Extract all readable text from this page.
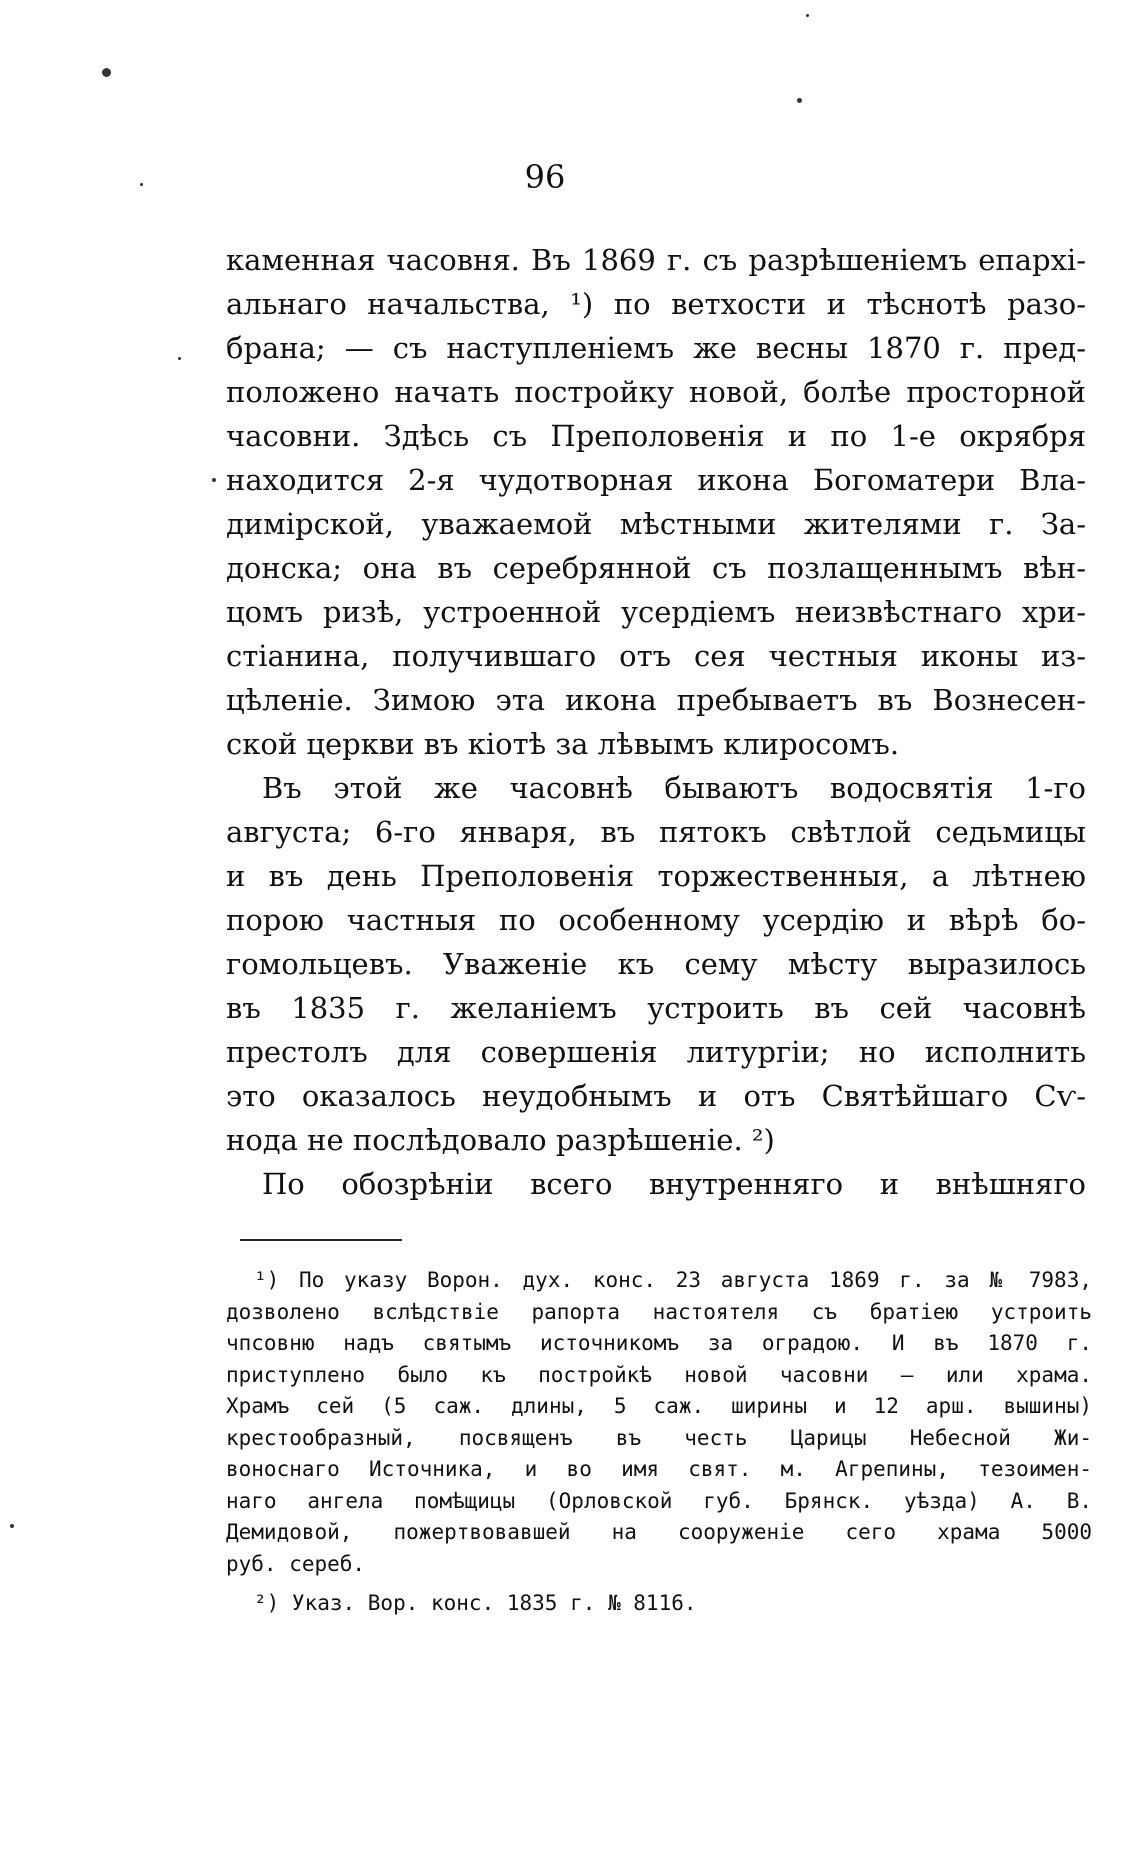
96
каменная часовня. Въ 1869 г. съ разрѣшеніемъ епархі-
альнаго начальства, ¹) по ветхости и тѣснотѣ разо-
брана; — съ наступленіемъ же весны 1870 г. пред-
положено начать постройку новой, болѣе просторной
часовни. Здѣсь съ Преполовенія и по 1-е окрября
находится 2-я чудотворная икона Богоматери Вла-
димірской, уважаемой мѣстными жителями г. За-
донска; она въ серебрянной съ позлащеннымъ вѣн-
цомъ ризѣ, устроенной усердіемъ неизвѣстнаго хри-
стіанина, получившаго отъ сея честныя иконы из-
цѣленіе. Зимою эта икона пребываетъ въ Вознесен-
ской церкви въ кіотѣ за лѣвымъ клиросомъ.
Въ этой же часовнѣ бываютъ водосвятія 1-го
августа; 6-го января, въ пятокъ свѣтлой седьмицы
и въ день Преполовенія торжественныя, а лѣтнею
порою частныя по особенному усердію и вѣрѣ бо-
гомольцевъ. Уваженіе къ сему мѣсту выразилось
въ 1835 г. желаніемъ устроить въ сей часовнѣ
престолъ для совершенія литургіи; но исполнить
это оказалось неудобнымъ и отъ Святѣйшаго Сѵ-
нода не послѣдовало разрѣшеніе. ²)
По обозрѣніи всего внутренняго и внѣшняго
¹) По указу Ворон. дух. конс. 23 августа 1869 г. за № 7983,
дозволено вслѣдствіе рапорта настоятеля съ братіею устроить
чпсовню надъ святымъ источникомъ за оградою. И въ 1870 г.
приступлено было къ постройкѣ новой часовни — или храма.
Храмъ сей (5 саж. длины, 5 саж. ширины и 12 арш. вышины)
крестообразный, посвященъ въ честь Царицы Небесной Жи-
воноснаго Источника, и во имя свят. м. Агрепины, тезоимен-
наго ангела помѣщицы (Орловской губ. Брянск. уѣзда) А. В.
Демидовой, пожертвовавшей на сооруженіе сего храма 5000
руб. сереб.
²) Указ. Вор. конс. 1835 г. № 8116.
